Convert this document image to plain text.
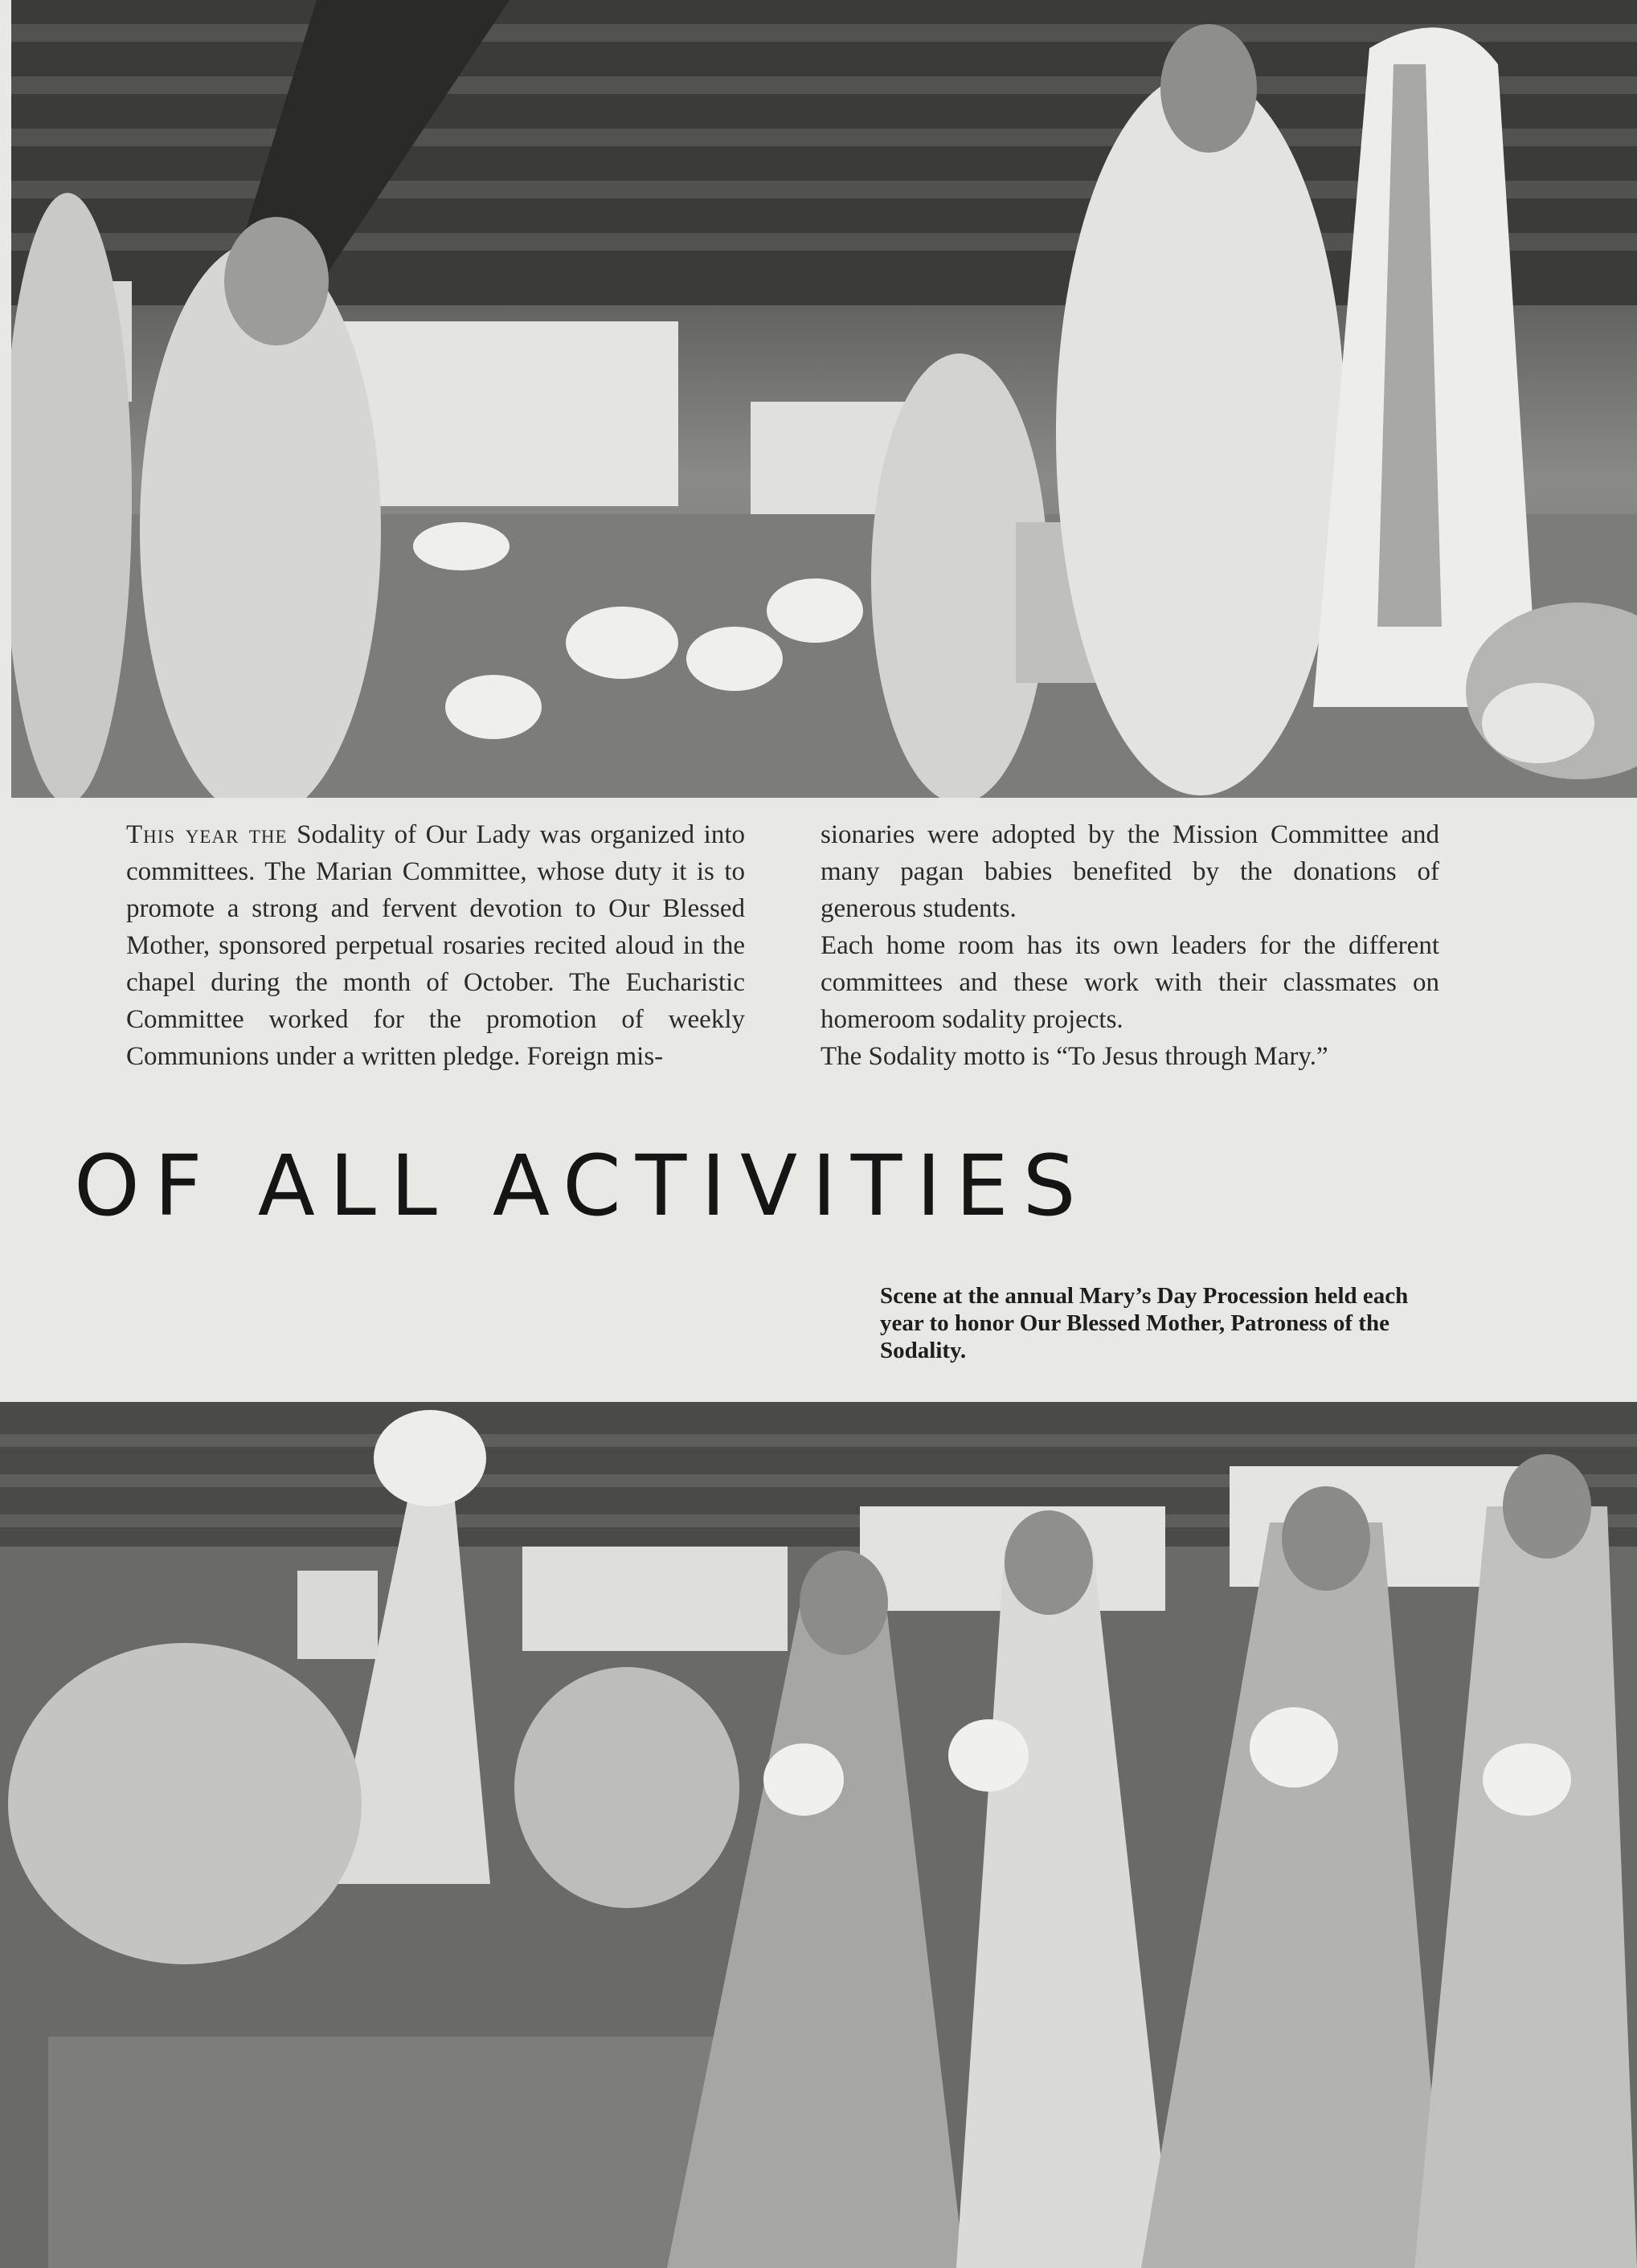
This year the Sodality of Our Lady was organized into committees. The Marian Committee, whose duty it is to promote a strong and fervent devotion to Our Blessed Mother, sponsored perpetual rosaries recited aloud in the chapel during the month of October. The Eucharistic Committee worked for the promotion of weekly Communions under a written pledge. Foreign mis-

sionaries were adopted by the Mission Committee and many pagan babies benefited by the donations of generous students.

Each home room has its own leaders for the different committees and these work with their classmates on homeroom sodality projects.

The Sodality motto is “To Jesus through Mary.”

OF ALL ACTIVITIES
Scene at the annual Mary’s Day Procession held each year to honor Our Blessed Mother, Patroness of the Sodality.
